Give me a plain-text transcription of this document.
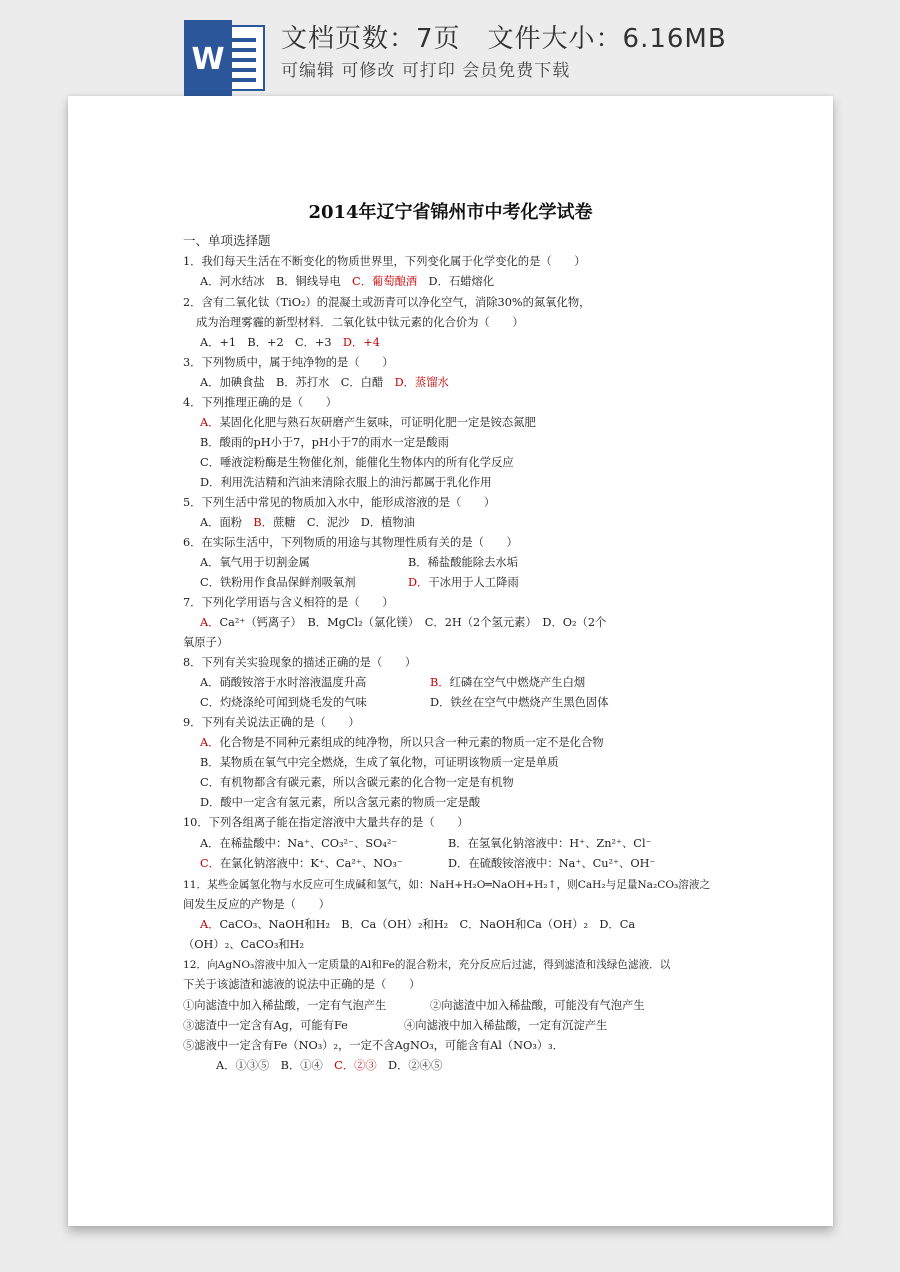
W
文档页数：7页　文件大小：6.16MB
可编辑 可修改 可打印 会员免费下载
2014年辽宁省锦州市中考化学试卷
一、单项选择题
1．我们每天生活在不断变化的物质世界里，下列变化属于化学变化的是（　　）
A．河水结冰　B．铜线导电　 C．葡萄酿酒　 D．石蜡熔化
2．含有二氧化钛（TiO₂）的混凝土或沥青可以净化空气，消除30%的氮氧化物，
成为治理雾霾的新型材料．二氧化钛中钛元素的化合价为（　　）
A．+1　B．+2　C．+3　 D．+4
3．下列物质中，属于纯净物的是（　　）
A．加碘食盐　B．苏打水　C．白醋　 D．蒸馏水
4．下列推理正确的是（　　）
A．某固化化肥与熟石灰研磨产生氨味，可证明化肥一定是铵态氮肥
B．酸雨的pH小于7，pH小于7的雨水一定是酸雨
C．唾液淀粉酶是生物催化剂，能催化生物体内的所有化学反应
D．利用洗洁精和汽油来清除衣服上的油污都属于乳化作用
5．下列生活中常见的物质加入水中，能形成溶液的是（　　）
A．面粉　 B．蔗糖　C．泥沙　D．植物油
6．在实际生活中，下列物质的用途与其物理性质有关的是（　　）
A．氧气用于切割金属	B．稀盐酸能除去水垢
C．铁粉用作食品保鲜剂吸氧剂	D．干冰用于人工降雨
7．下列化学用语与含义相符的是（　　）
A．Ca²⁺（钙离子）　B．MgCl₂（氯化镁）　C．2H（2个氢元素）　D．O₂（2个
氧原子）
8．下列有关实验现象的描述正确的是（　　）
A．硝酸铵溶于水时溶液温度升高	B．红磷在空气中燃烧产生白烟
C．灼烧涤纶可闻到烧毛发的气味	D．铁丝在空气中燃烧产生黑色固体
9．下列有关说法正确的是（　　）
A．化合物是不同种元素组成的纯净物，所以只含一种元素的物质一定不是化合物
B．某物质在氧气中完全燃烧，生成了氧化物，可证明该物质一定是单质
C．有机物都含有碳元素，所以含碳元素的化合物一定是有机物
D．酸中一定含有氢元素，所以含氢元素的物质一定是酸
10．下列各组离子能在指定溶液中大量共存的是（　　）
A．在稀盐酸中：Na⁺、CO₃²⁻、SO₄²⁻	B．在氢氧化钠溶液中：H⁺、Zn²⁺、Cl⁻
C．在氯化钠溶液中：K⁺、Ca²⁺、NO₃⁻	D．在硫酸铵溶液中：Na⁺、Cu²⁺、OH⁻
11．某些金属氢化物与水反应可生成碱和氢气，如：NaH+H₂O═NaOH+H₂↑，则CaH₂与足量Na₂CO₃溶液之
间发生反应的产物是（　　）
A．CaCO₃、NaOH和H₂　B．Ca（OH）₂和H₂　C．NaOH和Ca（OH）₂　D．Ca
（OH）₂、CaCO₃和H₂
12．向AgNO₃溶液中加入一定质量的Al和Fe的混合粉末，充分反应后过滤，得到滤渣和浅绿色滤液．以
下关于该滤渣和滤液的说法中正确的是（　　）
①向滤渣中加入稀盐酸，一定有气泡产生	②向滤渣中加入稀盐酸，可能没有气泡产生
③滤渣中一定含有Ag，可能有Fe	④向滤液中加入稀盐酸，一定有沉淀产生
⑤滤液中一定含有Fe（NO₃）₂，一定不含AgNO₃，可能含有Al（NO₃）₃．
A．①③⑤　B．①④　 C．②③　 D．②④⑤
